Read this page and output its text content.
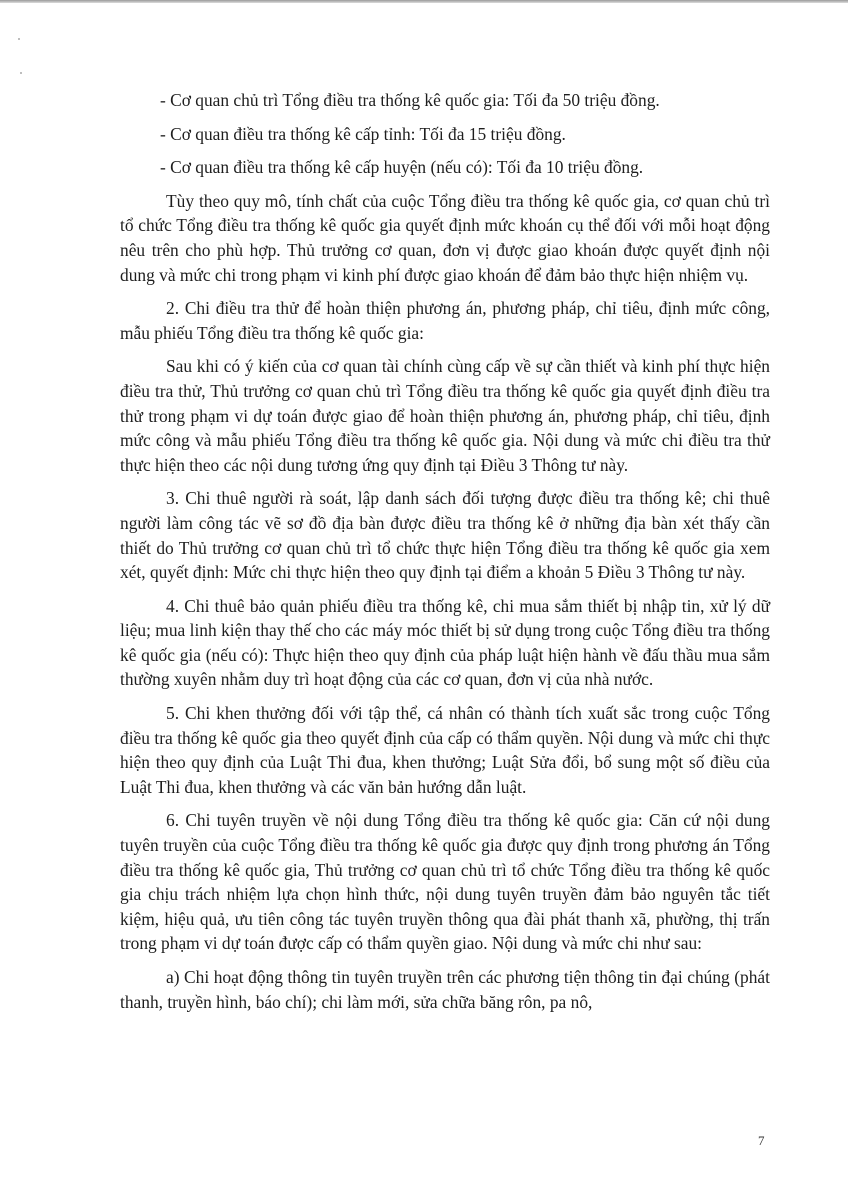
- Cơ quan chủ trì Tổng điều tra thống kê quốc gia: Tối đa 50 triệu đồng.

- Cơ quan điều tra thống kê cấp tỉnh: Tối đa 15 triệu đồng.

- Cơ quan điều tra thống kê cấp huyện (nếu có): Tối đa 10 triệu đồng.

Tùy theo quy mô, tính chất của cuộc Tổng điều tra thống kê quốc gia, cơ quan chủ trì tổ chức Tổng điều tra thống kê quốc gia quyết định mức khoán cụ thể đối với mỗi hoạt động nêu trên cho phù hợp. Thủ trưởng cơ quan, đơn vị được giao khoán được quyết định nội dung và mức chi trong phạm vi kinh phí được giao khoán để đảm bảo thực hiện nhiệm vụ.

2. Chi điều tra thử để hoàn thiện phương án, phương pháp, chỉ tiêu, định mức công, mẫu phiếu Tổng điều tra thống kê quốc gia:

Sau khi có ý kiến của cơ quan tài chính cùng cấp về sự cần thiết và kinh phí thực hiện điều tra thử, Thủ trưởng cơ quan chủ trì Tổng điều tra thống kê quốc gia quyết định điều tra thử trong phạm vi dự toán được giao để hoàn thiện phương án, phương pháp, chỉ tiêu, định mức công và mẫu phiếu Tổng điều tra thống kê quốc gia. Nội dung và mức chi điều tra thử thực hiện theo các nội dung tương ứng quy định tại Điều 3 Thông tư này.

3. Chi thuê người rà soát, lập danh sách đối tượng được điều tra thống kê; chi thuê người làm công tác vẽ sơ đồ địa bàn được điều tra thống kê ở những địa bàn xét thấy cần thiết do Thủ trưởng cơ quan chủ trì tổ chức thực hiện Tổng điều tra thống kê quốc gia xem xét, quyết định: Mức chi thực hiện theo quy định tại điểm a khoản 5 Điều 3 Thông tư này.

4. Chi thuê bảo quản phiếu điều tra thống kê, chi mua sắm thiết bị nhập tin, xử lý dữ liệu; mua linh kiện thay thế cho các máy móc thiết bị sử dụng trong cuộc Tổng điều tra thống kê quốc gia (nếu có): Thực hiện theo quy định của pháp luật hiện hành về đấu thầu mua sắm thường xuyên nhằm duy trì hoạt động của các cơ quan, đơn vị của nhà nước.

5. Chi khen thưởng đối với tập thể, cá nhân có thành tích xuất sắc trong cuộc Tổng điều tra thống kê quốc gia theo quyết định của cấp có thẩm quyền. Nội dung và mức chi thực hiện theo quy định của Luật Thi đua, khen thưởng; Luật Sửa đổi, bổ sung một số điều của Luật Thi đua, khen thưởng và các văn bản hướng dẫn luật.

6. Chi tuyên truyền về nội dung Tổng điều tra thống kê quốc gia: Căn cứ nội dung tuyên truyền của cuộc Tổng điều tra thống kê quốc gia được quy định trong phương án Tổng điều tra thống kê quốc gia, Thủ trưởng cơ quan chủ trì tổ chức Tổng điều tra thống kê quốc gia chịu trách nhiệm lựa chọn hình thức, nội dung tuyên truyền đảm bảo nguyên tắc tiết kiệm, hiệu quả, ưu tiên công tác tuyên truyền thông qua đài phát thanh xã, phường, thị trấn trong phạm vi dự toán được cấp có thẩm quyền giao. Nội dung và mức chi như sau:

a) Chi hoạt động thông tin tuyên truyền trên các phương tiện thông tin đại chúng (phát thanh, truyền hình, báo chí); chi làm mới, sửa chữa băng rôn, pa nô,

7
